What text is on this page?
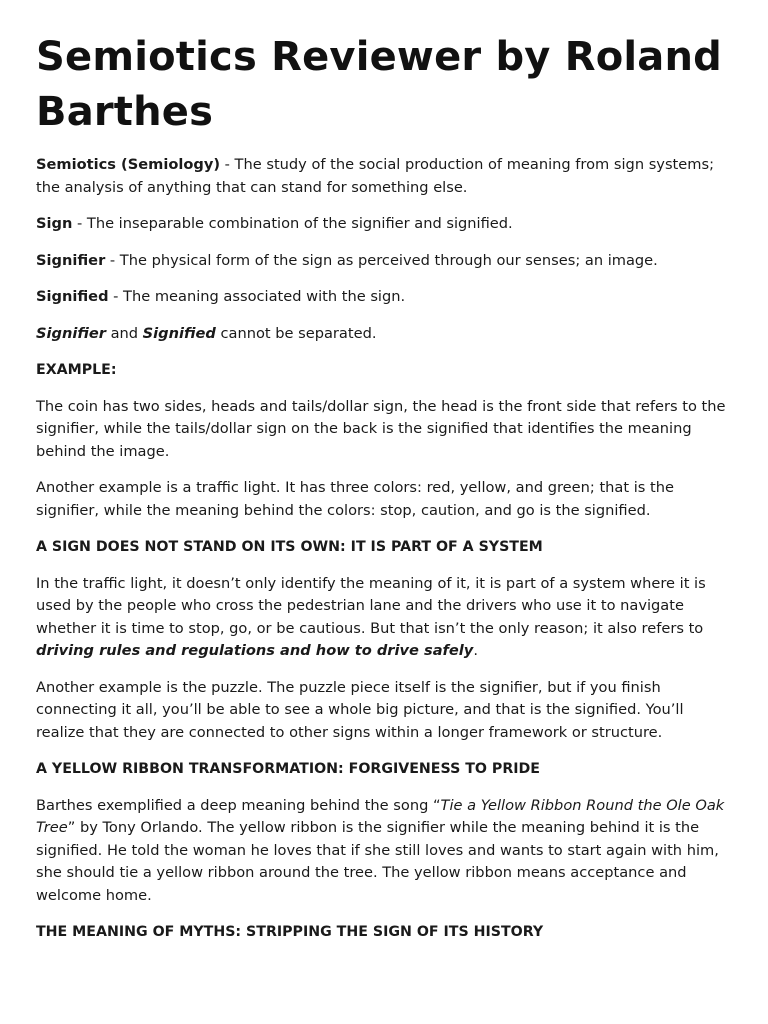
Semiotics Reviewer by Roland Barthes

Semiotics (Semiology) - The study of the social production of meaning from sign systems; the analysis of anything that can stand for something else.

Sign - The inseparable combination of the signifier and signified.

Signifier - The physical form of the sign as perceived through our senses; an image.

Signified - The meaning associated with the sign.

Signifier and Signified cannot be separated.

EXAMPLE:

The coin has two sides, heads and tails/dollar sign, the head is the front side that refers to the signifier, while the tails/dollar sign on the back is the signified that identifies the meaning behind the image.

Another example is a traffic light. It has three colors: red, yellow, and green; that is the signifier, while the meaning behind the colors: stop, caution, and go is the signified.

A SIGN DOES NOT STAND ON ITS OWN: IT IS PART OF A SYSTEM

In the traffic light, it doesn’t only identify the meaning of it, it is part of a system where it is used by the people who cross the pedestrian lane and the drivers who use it to navigate whether it is time to stop, go, or be cautious. But that isn’t the only reason; it also refers to driving rules and regulations and how to drive safely.

Another example is the puzzle. The puzzle piece itself is the signifier, but if you finish connecting it all, you’ll be able to see a whole big picture, and that is the signified. You’ll realize that they are connected to other signs within a longer framework or structure.

A YELLOW RIBBON TRANSFORMATION: FORGIVENESS TO PRIDE

Barthes exemplified a deep meaning behind the song “Tie a Yellow Ribbon Round the Ole Oak Tree” by Tony Orlando. The yellow ribbon is the signifier while the meaning behind it is the signified. He told the woman he loves that if she still loves and wants to start again with him, she should tie a yellow ribbon around the tree. The yellow ribbon means acceptance and welcome home.

THE MEANING OF MYTHS: STRIPPING THE SIGN OF ITS HISTORY
